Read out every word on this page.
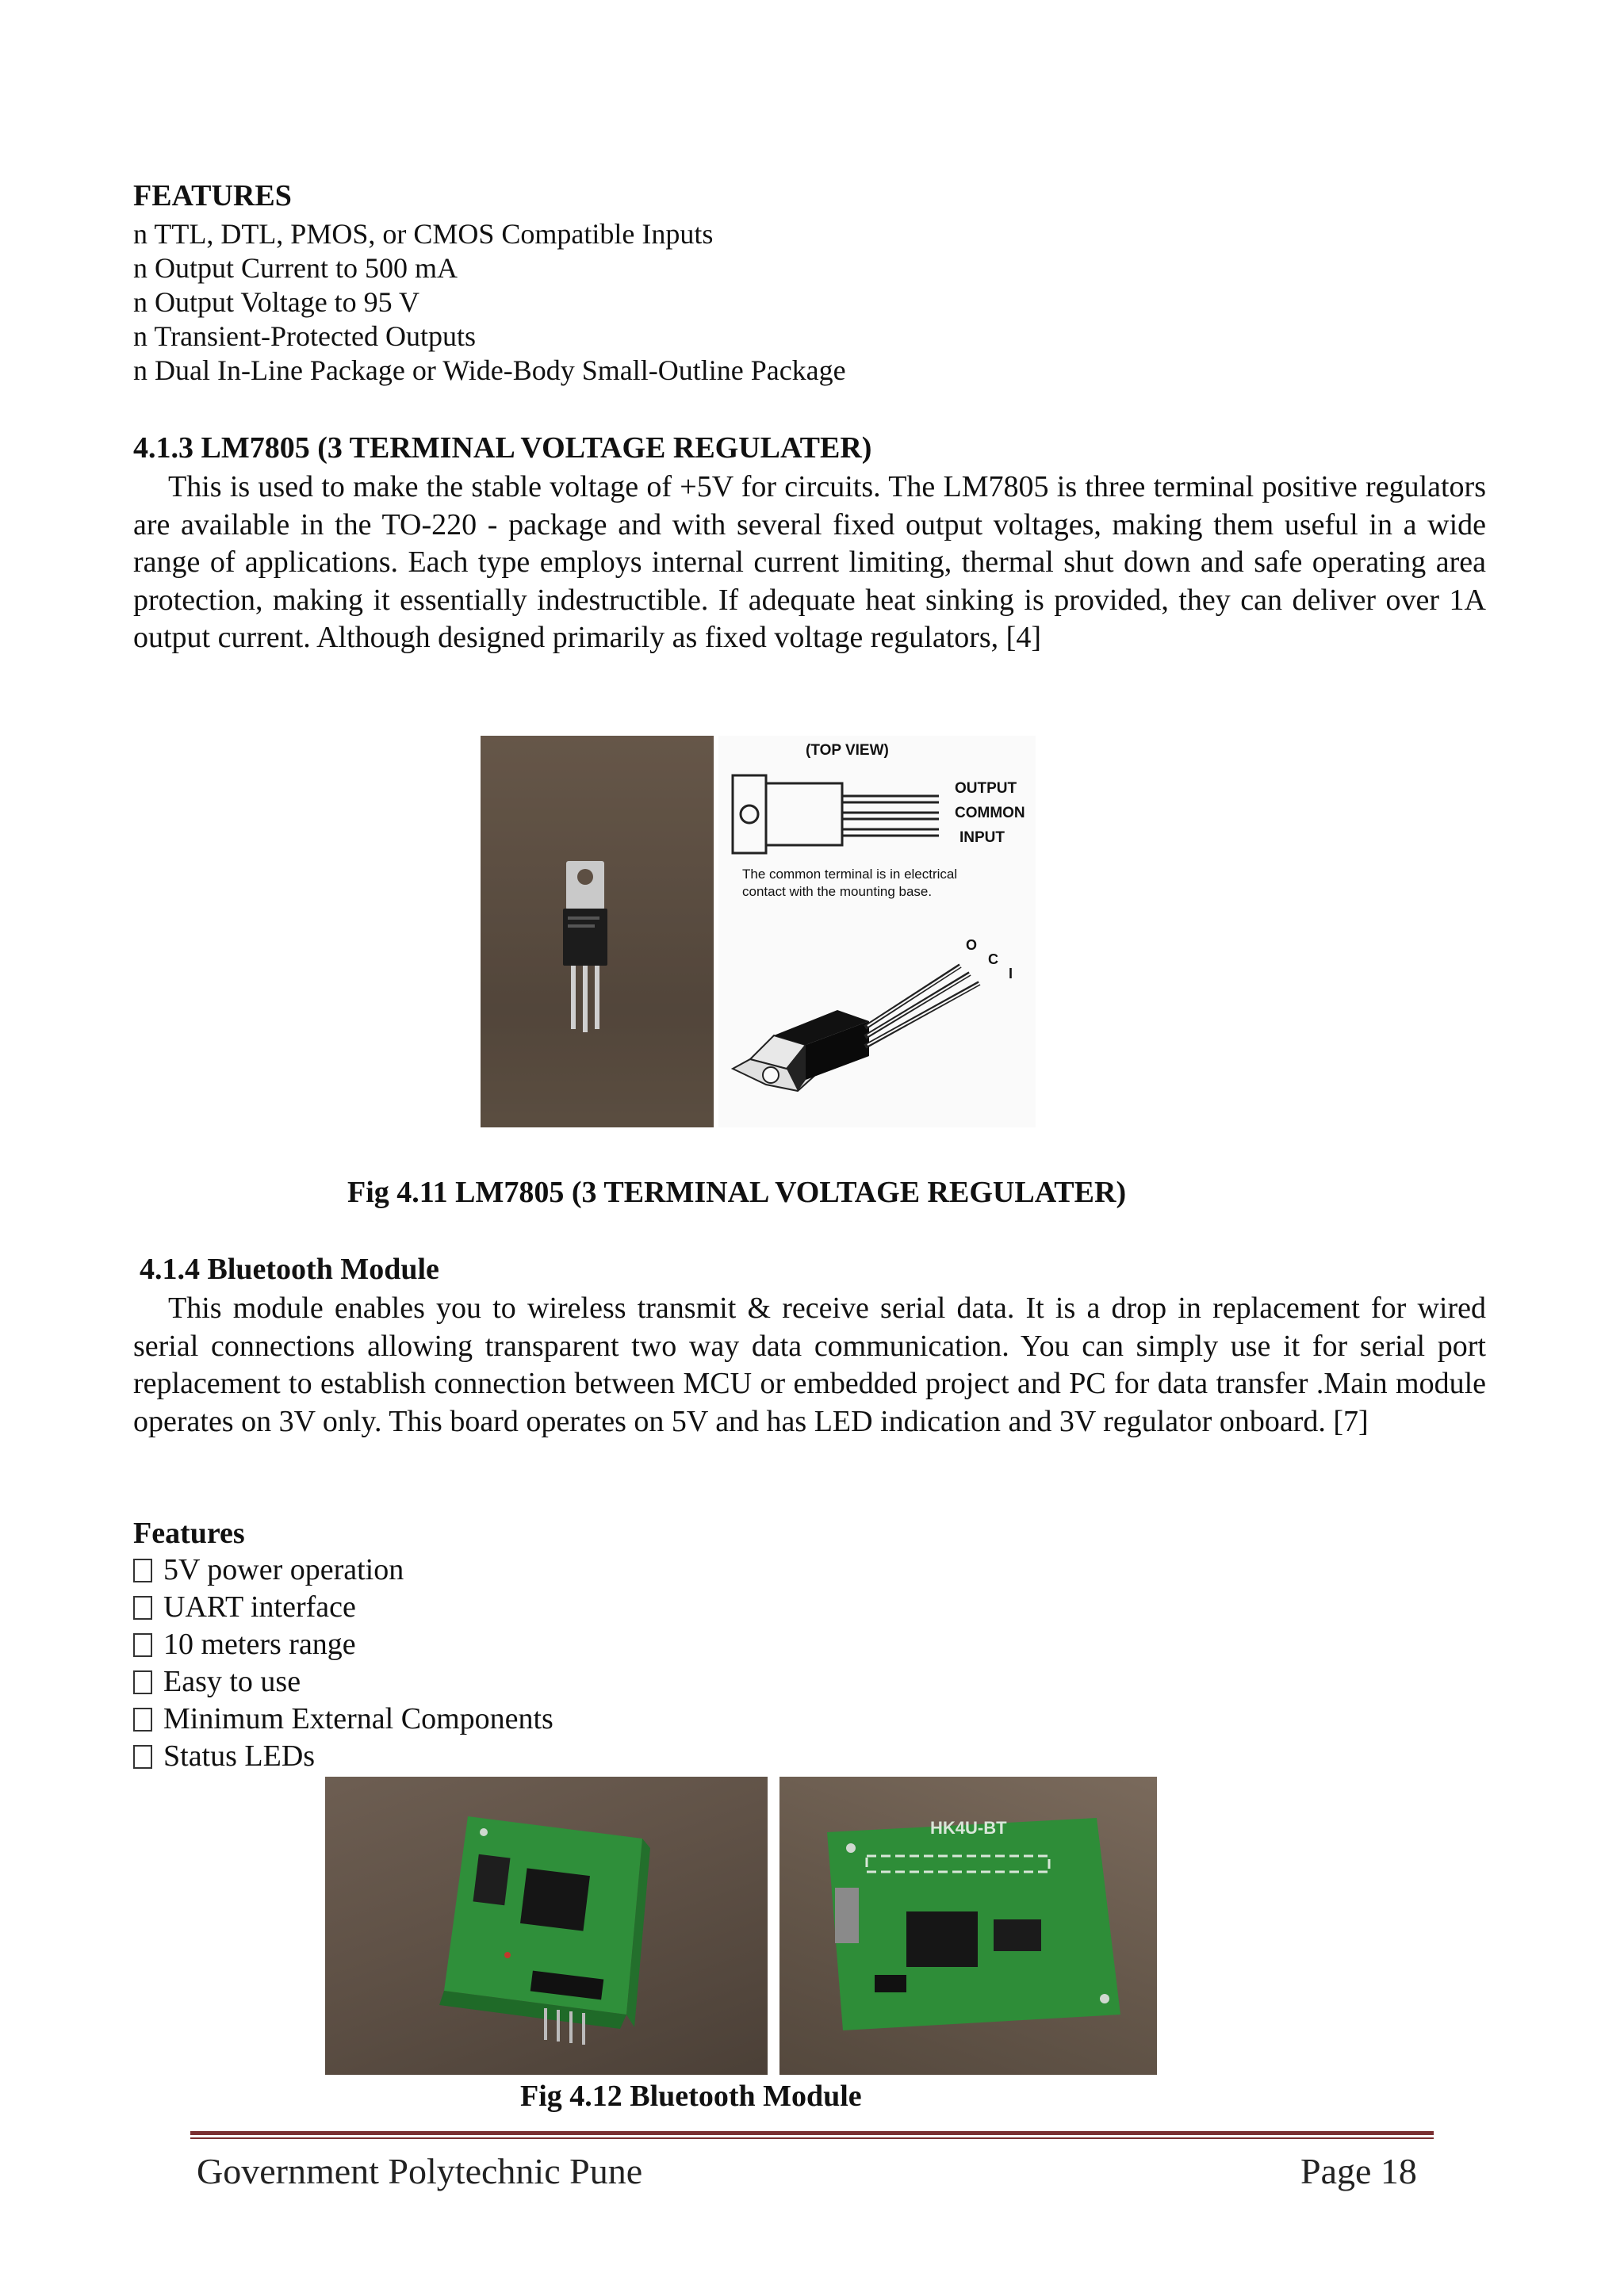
FEATURES
n TTL, DTL, PMOS, or CMOS Compatible Inputs
n Output Current to 500 mA
n Output Voltage to 95 V
n Transient-Protected Outputs
n Dual In-Line Package or Wide-Body Small-Outline Package
4.1.3 LM7805 (3 TERMINAL VOLTAGE REGULATER)
This is used to make the stable voltage of +5V for circuits. The LM7805 is three terminal positive regulators are available in the TO-220 - package and with several fixed output voltages, making them useful in a wide range of applications. Each type employs internal current limiting, thermal shut down and safe operating area protection, making it essentially indestructible. If adequate heat sinking is provided, they can deliver over 1A output current. Although designed primarily as fixed voltage regulators, [4]
(TOP VIEW)
OUTPUT
COMMON
INPUT
The common terminal is in electrical
contact with the mounting base.
O
C
I
Fig 4.11 LM7805 (3 TERMINAL VOLTAGE REGULATER)
4.1.4 Bluetooth Module
This module enables you to wireless transmit & receive serial data. It is a drop in replacement for wired serial connections allowing transparent two way data communication. You can simply use it for serial port replacement to establish connection between MCU or embedded project and PC for data transfer .Main module operates on 3V only. This board operates on 5V and has LED indication and 3V regulator onboard. [7]
Features
5V power operation
UART interface
10 meters range
Easy to use
Minimum External Components
Status LEDs
HK4U-BT
Fig 4.12 Bluetooth Module
Government Polytechnic Pune	Page 18
